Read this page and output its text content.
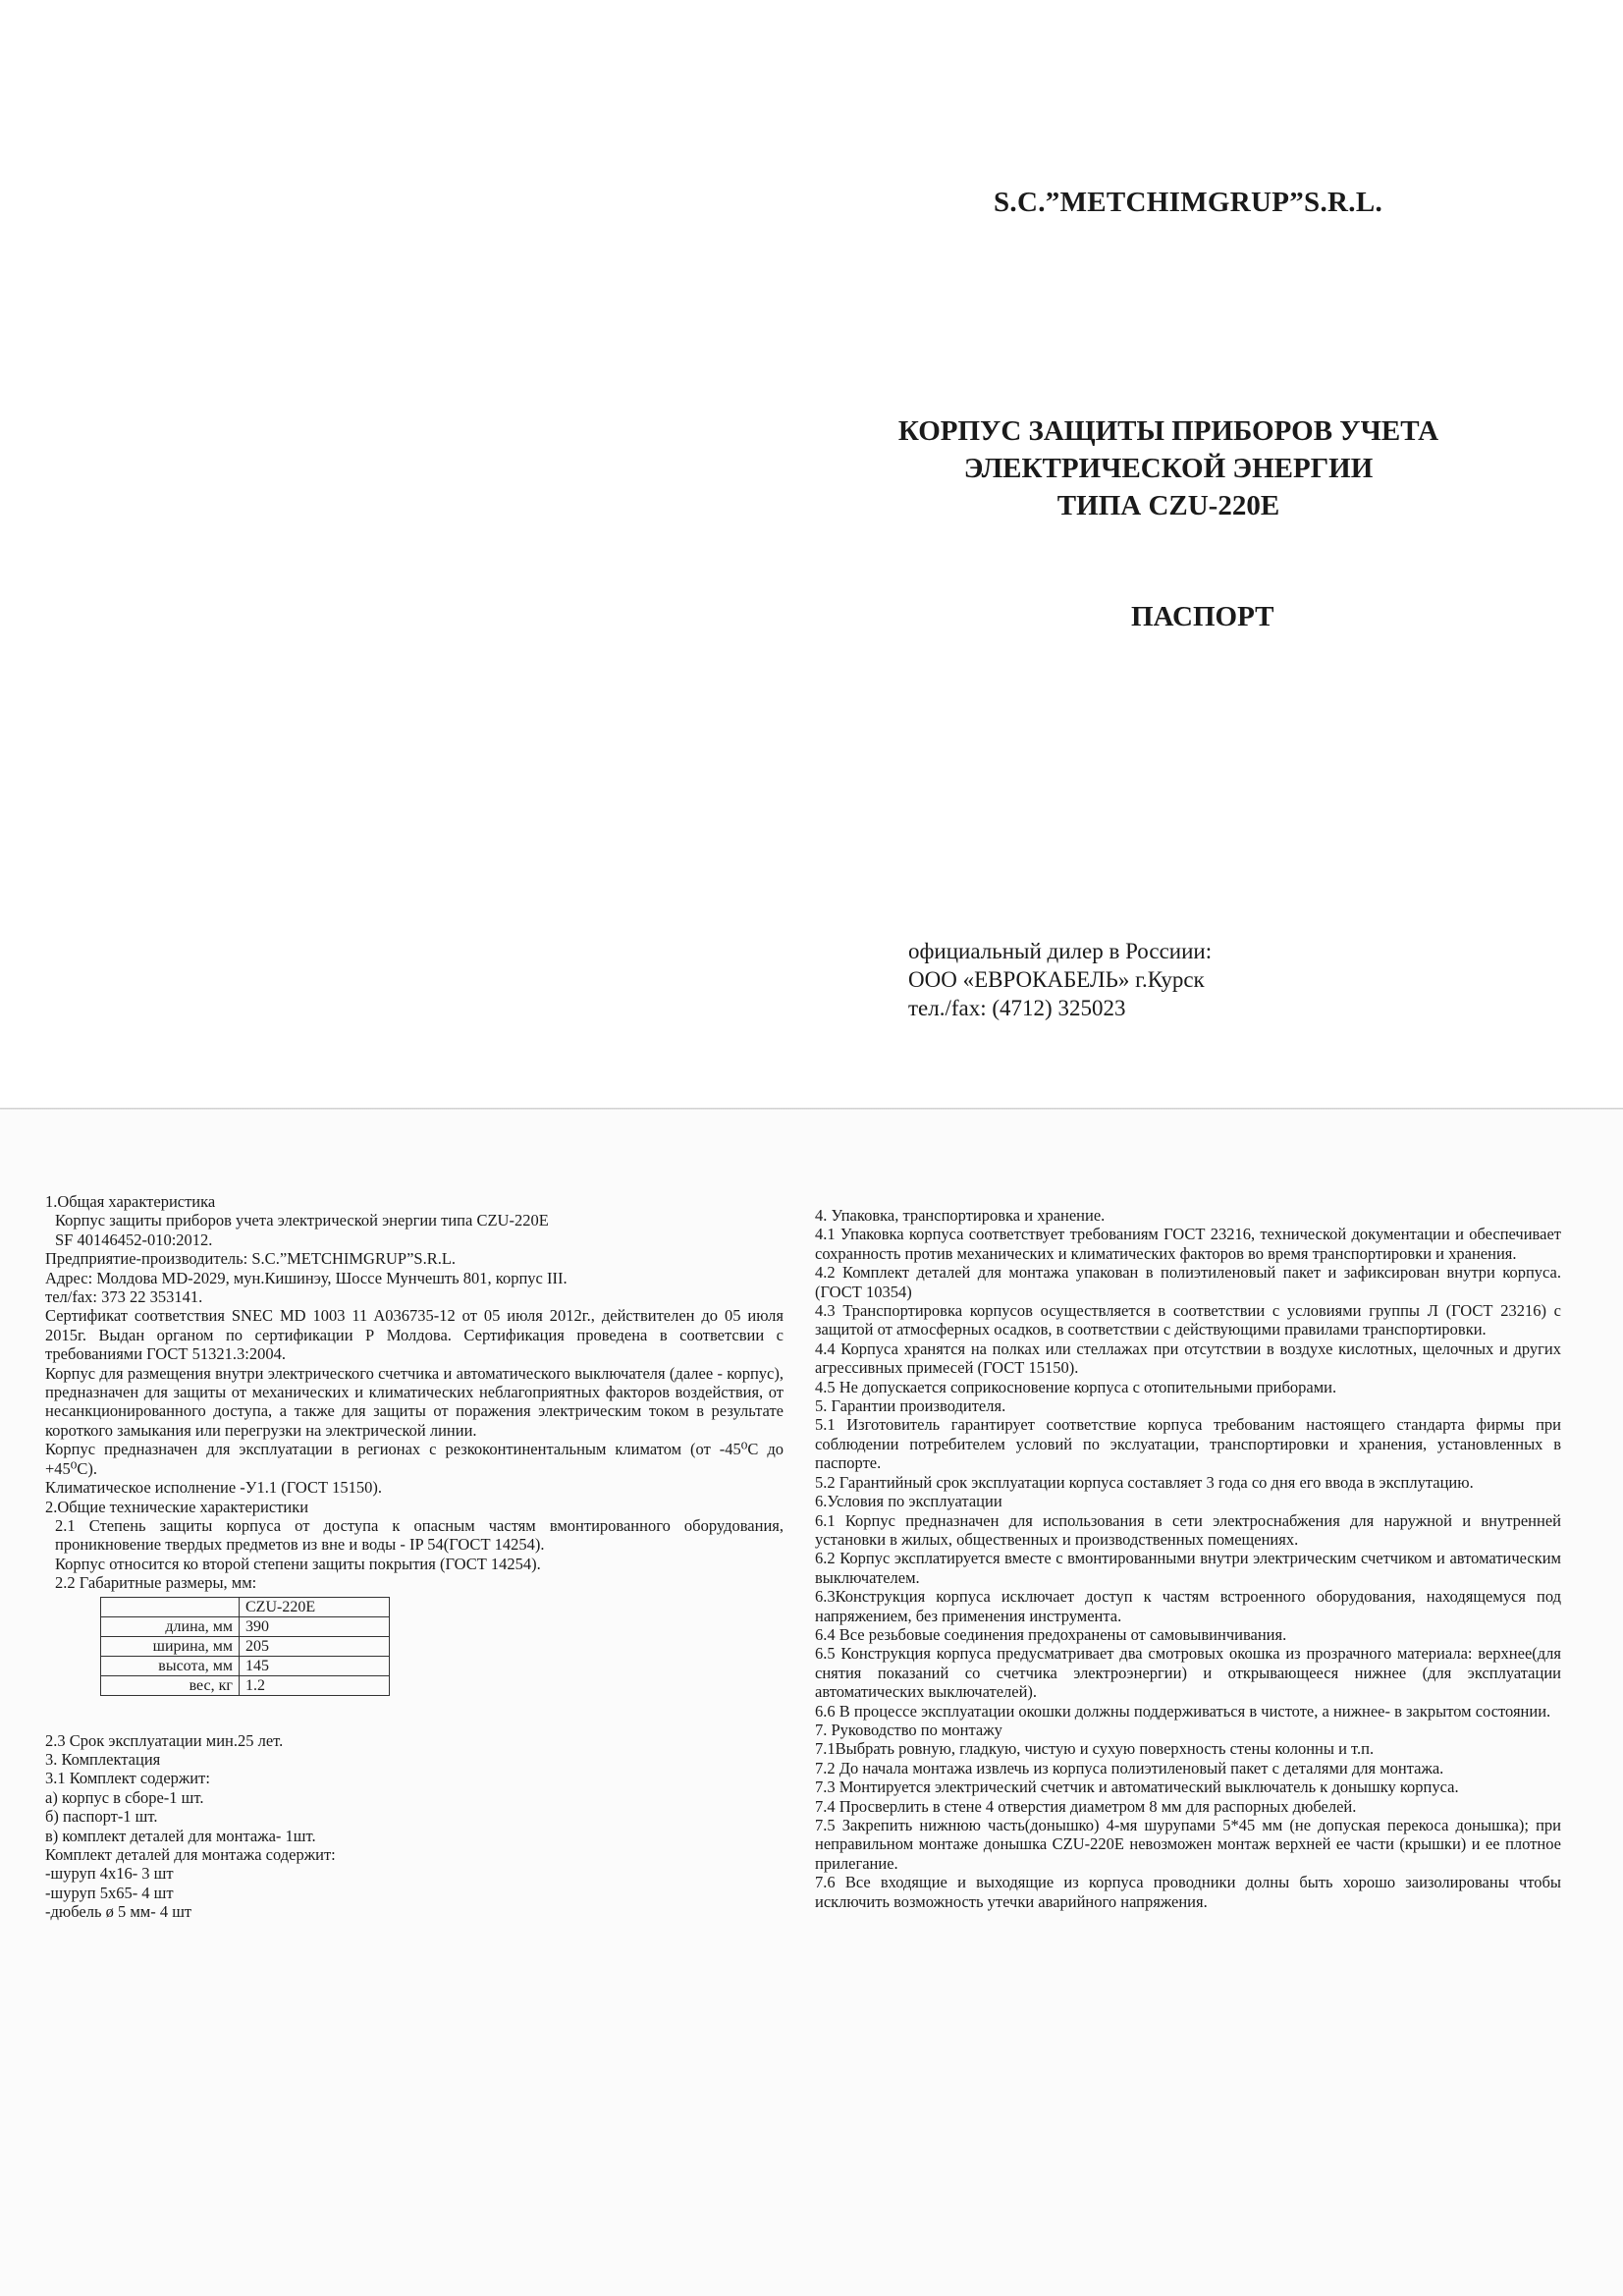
S.C.”METCHIMGRUP”S.R.L.
КОРПУС ЗАЩИТЫ ПРИБОРОВ УЧЕТА
ЭЛЕКТРИЧЕСКОЙ ЭНЕРГИИ
ТИПА CZU-220E
ПАСПОРТ
официальный дилер в Россиии:
ООО «ЕВРОКАБЕЛЬ» г.Курск
тел./fax: (4712) 325023
1.Общая характеристика
Корпус защиты приборов учета электрической энергии типа CZU-220E
SF 40146452-010:2012.
Предприятие-производитель: S.C.”METCHIMGRUP”S.R.L.
Адрес: Молдова MD-2029, мун.Кишинэу, Шоссе Мунчешть 801, корпус III.
тел/fax: 373 22 353141.

Сертификат соответствия SNEC MD 1003 11 A036735-12 от 05 июля 2012г., действителен до 05 июля 2015г. Выдан органом по сертификации Р Молдова. Сертификация проведена в соответсвии с требованиями ГОСТ 51321.3:2004.

Корпус для размещения внутри электрического счетчика и автоматического выключателя (далее - корпус), предназначен для защиты от механических и климатических неблагоприятных факторов воздействия, от несанкционированного доступа, а также для защиты от поражения электрическим током в результате короткого замыкания или перегрузки на электрической линии.

Корпус предназначен для эксплуатации в регионах с резкоконтинентальным климатом (от -45⁰C до +45⁰C).

Климатическое исполнение -У1.1 (ГОСТ 15150).
2.Общие технические характеристики

2.1 Степень защиты корпуса от доступа к опасным частям вмонтированного оборудования, проникновение твердых предметов из вне и воды - IP 54(ГОСТ 14254).

Корпус относится ко второй степени защиты покрытия (ГОСТ 14254).
2.2 Габаритные размеры, мм:
	CZU-220E
длина, мм	390
ширина, мм	205
высота, мм	145
вес, кг	1.2
2.3 Срок эксплуатации мин.25 лет.
3. Комплектация
3.1 Комплект содержит:
а) корпус в сборе-1 шт.
б) паспорт-1 шт.
в) комплект деталей для монтажа- 1шт.
Комплект деталей для монтажа содержит:
-шуруп 4x16- 3 шт
-шуруп 5x65- 4 шт
-дюбель ø 5 мм- 4 шт
4. Упаковка, транспортировка и хранение.

4.1 Упаковка корпуса соответствует требованиям ГОСТ 23216, технической документации и обеспечивает сохранность против механических и климатических факторов во время транспортировки и хранения.

4.2 Комплект деталей для монтажа упакован в полиэтиленовый пакет и зафиксирован внутри корпуса. (ГОСТ 10354)

4.3 Транспортировка корпусов осуществляется в соответствии с условиями группы Л (ГОСТ 23216) с защитой от атмосферных осадков, в соответствии с действующими правилами транспортировки.

4.4 Корпуса хранятся на полках или стеллажах при отсутствии в воздухе кислотных, щелочных и других агрессивных примесей (ГОСТ 15150).

4.5 Не допускается соприкосновение корпуса с отопительными приборами.
5. Гарантии производителя.

5.1 Изготовитель гарантирует соответствие корпуса требованим настоящего стандарта фирмы при соблюдении потребителем условий по экслуатации, транспортировки и хранения, установленных в паспорте.

5.2 Гарантийный срок эксплуатации корпуса составляет 3 года со дня его ввода в эксплутацию.

6.Условия по эксплуатации

6.1 Корпус предназначен для использования в сети электроснабжения для наружной и внутренней установки в жилых, общественных и производственных помещениях.

6.2 Корпус эксплатируется вместе с вмонтированными внутри электрическим счетчиком и автоматическим выключателем.

6.3Конструкция корпуса исключает доступ к частям встроенного оборудования, находящемуся под напряжением, без применения инструмента.

6.4 Все резьбовые соединения предохранены от самовывинчивания.

6.5 Конструкция корпуса предусматривает два смотровых окошка из прозрачного материала: верхнее(для снятия показаний со счетчика электроэнергии) и открывающееся нижнее (для эксплуатации автоматических выключателей).

6.6 В процессе эксплуатации окошки должны поддерживаться в чистоте, а нижнее- в закрытом состоянии.

7. Руководство по монтажу
7.1Выбрать ровную, гладкую, чистую и сухую поверхность стены колонны и т.п.
7.2 До начала монтажа извлечь из корпуса полиэтиленовый пакет с деталями для монтажа.

7.3 Монтируется электрический счетчик и автоматический выключатель к донышку корпуса.

7.4 Просверлить в стене 4 отверстия диаметром 8 мм для распорных дюбелей.

7.5 Закрепить нижнюю часть(донышко) 4-мя шурупами 5*45 мм (не допуская перекоса донышка); при неправильном монтаже донышка CZU-220E невозможен монтаж верхней ее части (крышки) и ее плотное прилегание.

7.6 Все входящие и выходящие из корпуса проводники долны быть хорошо заизолированы чтобы исключить возможность утечки аварийного напряжения.
